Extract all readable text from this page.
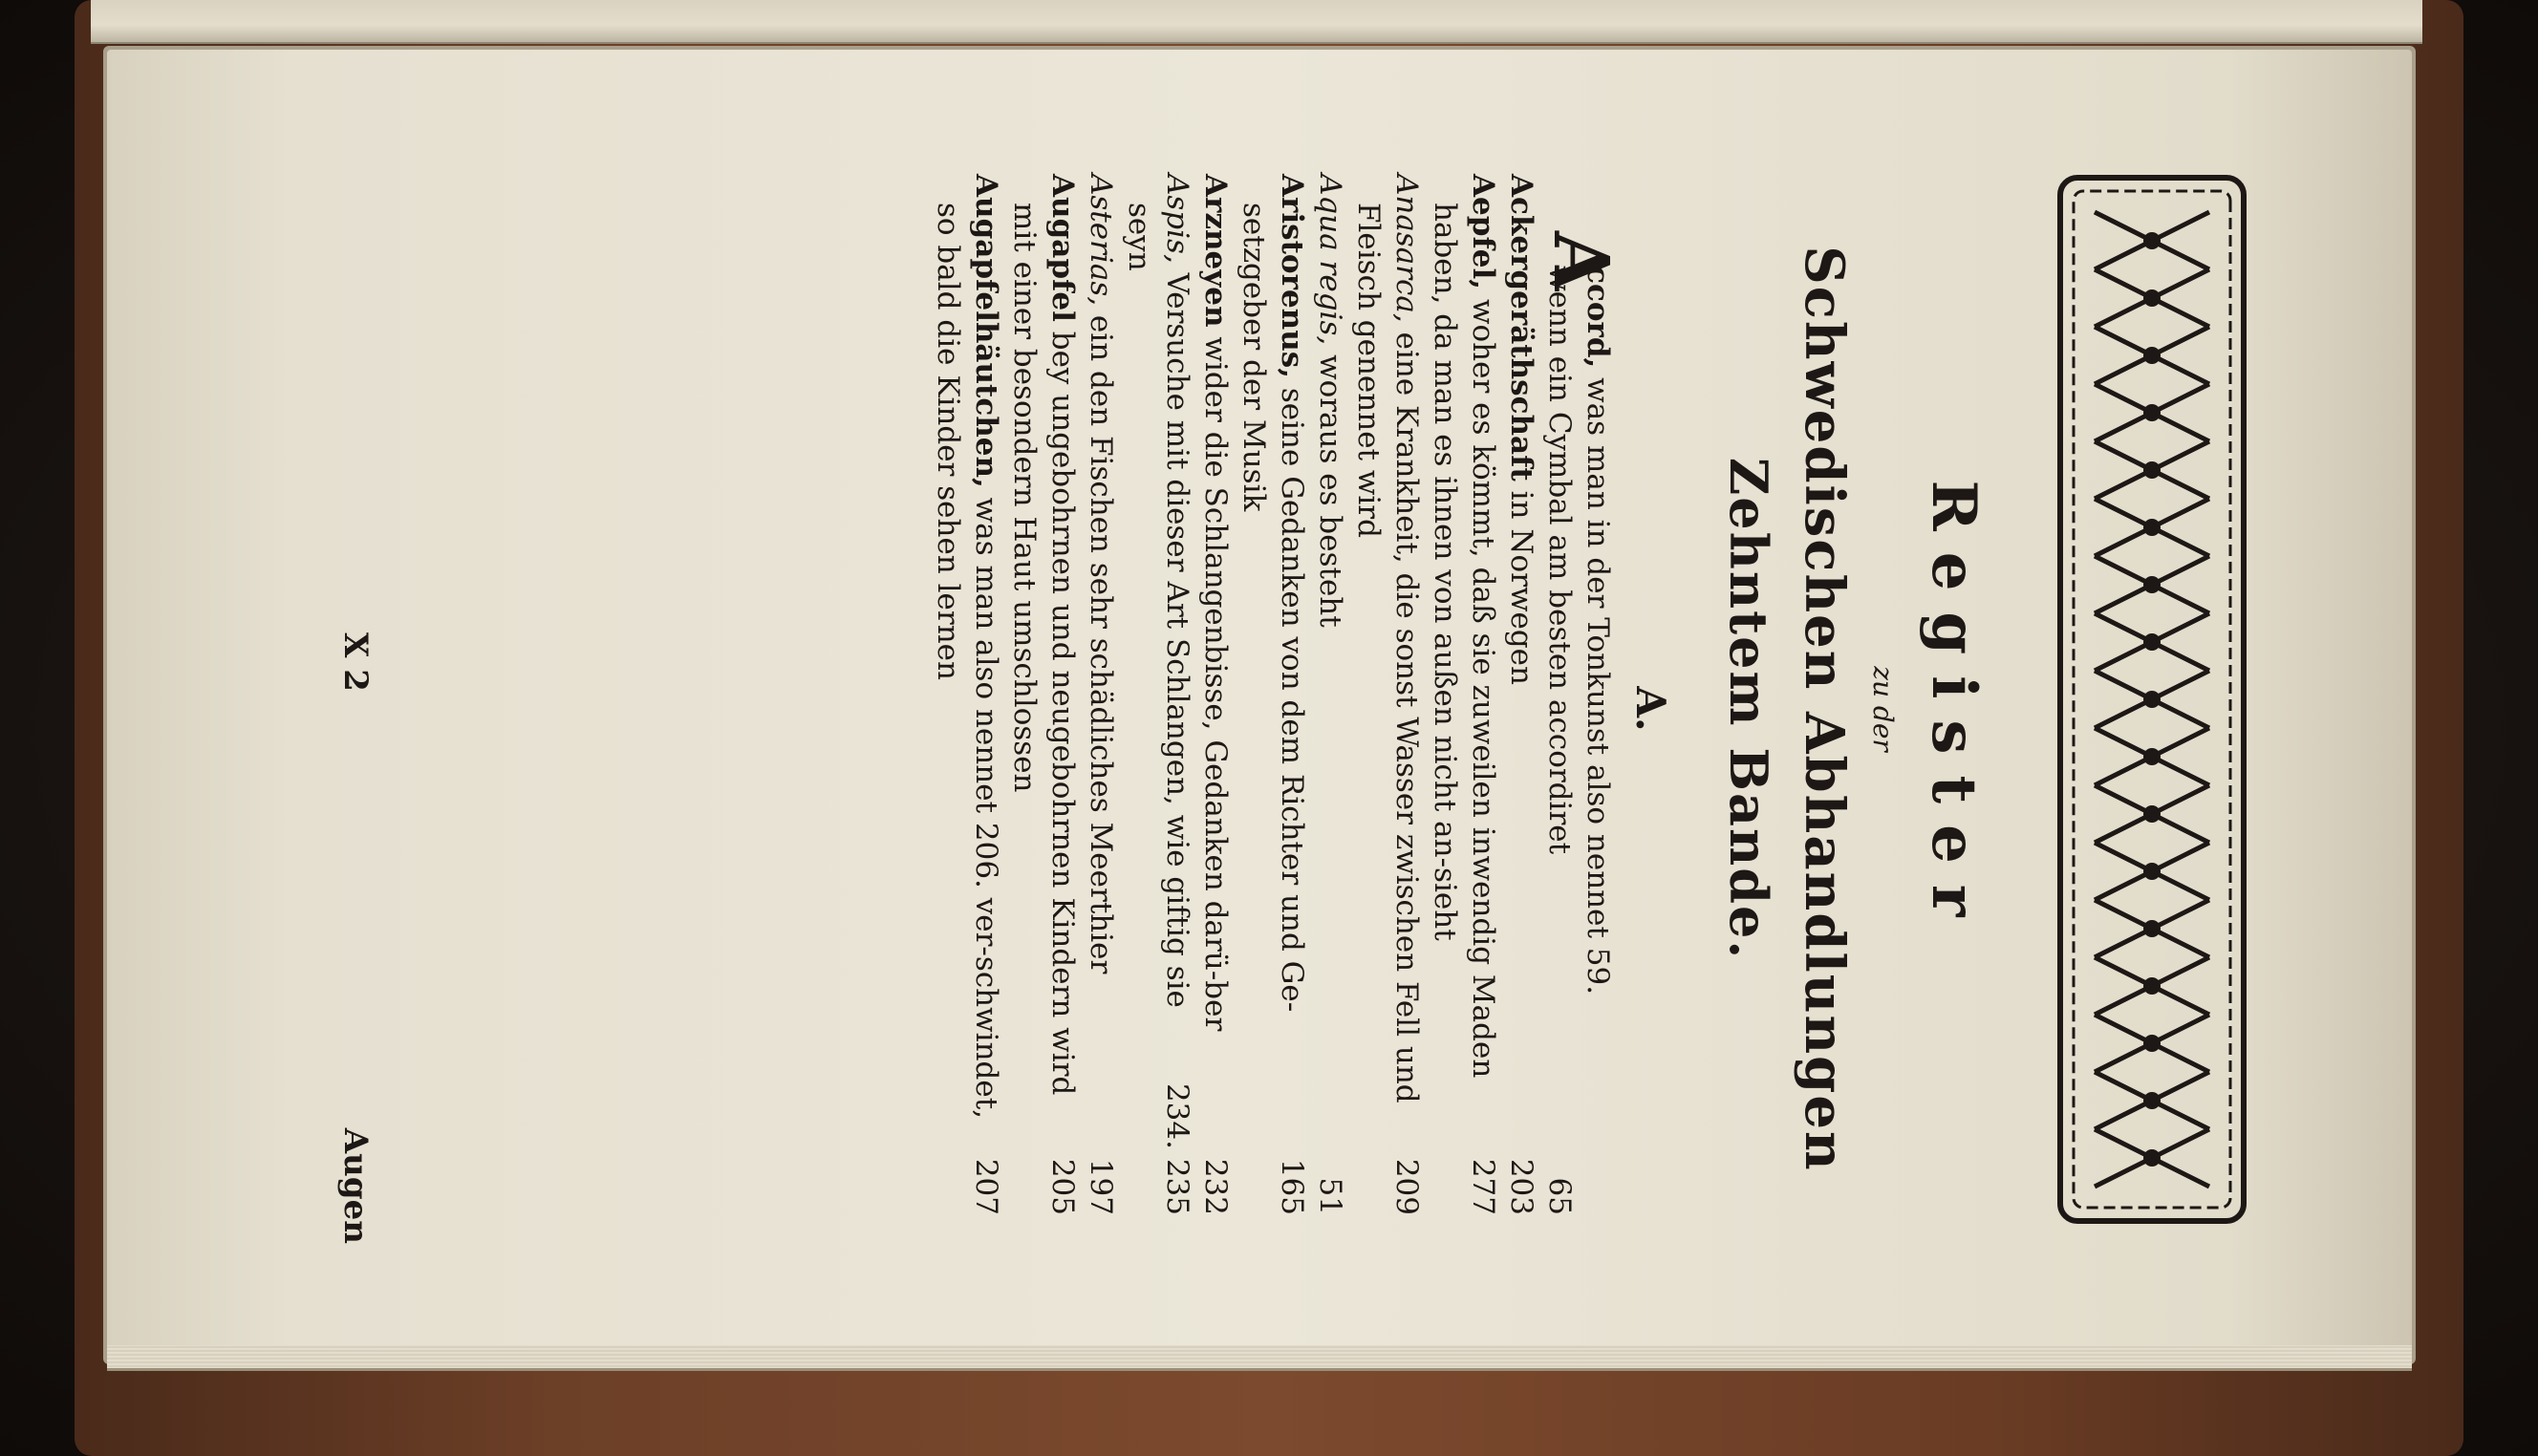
Register
zu der
Schwedischen Abhandlungen
Zehntem Bande.
A.
A
ccord, was man in der Tonkunst also nennet 59.
65
wenn ein Cymbal am besten accordiret
203
Ackergeräthschaft in Norwegen
277
Aepfel, woher es kömmt, daß sie zuweilen inwendig Maden haben, da man es ihnen von außen nicht an-sieht
209
Anasarca, eine Krankheit, die sonst Wasser zwischen Fell und Fleisch genennet wird
51
Aqua regis, woraus es besteht
165
Aristorenus, seine Gedanken von dem Richter und Ge-setzgeber der Musik
232
Arzneyen wider die Schlangenbisse, Gedanken darü-ber
234. 235
Aspis, Versuche mit dieser Art Schlangen, wie giftig sie seyn
197
Asterias, ein den Fischen sehr schädliches Meerthier
205
Augapfel bey ungebohrnen und neugebohrnen Kindern wird mit einer besondern Haut umschlossen
207
Augapfelhäutchen, was man also nennet 206. ver-schwindet, so bald die Kinder sehen lernen
X 2
Augen
